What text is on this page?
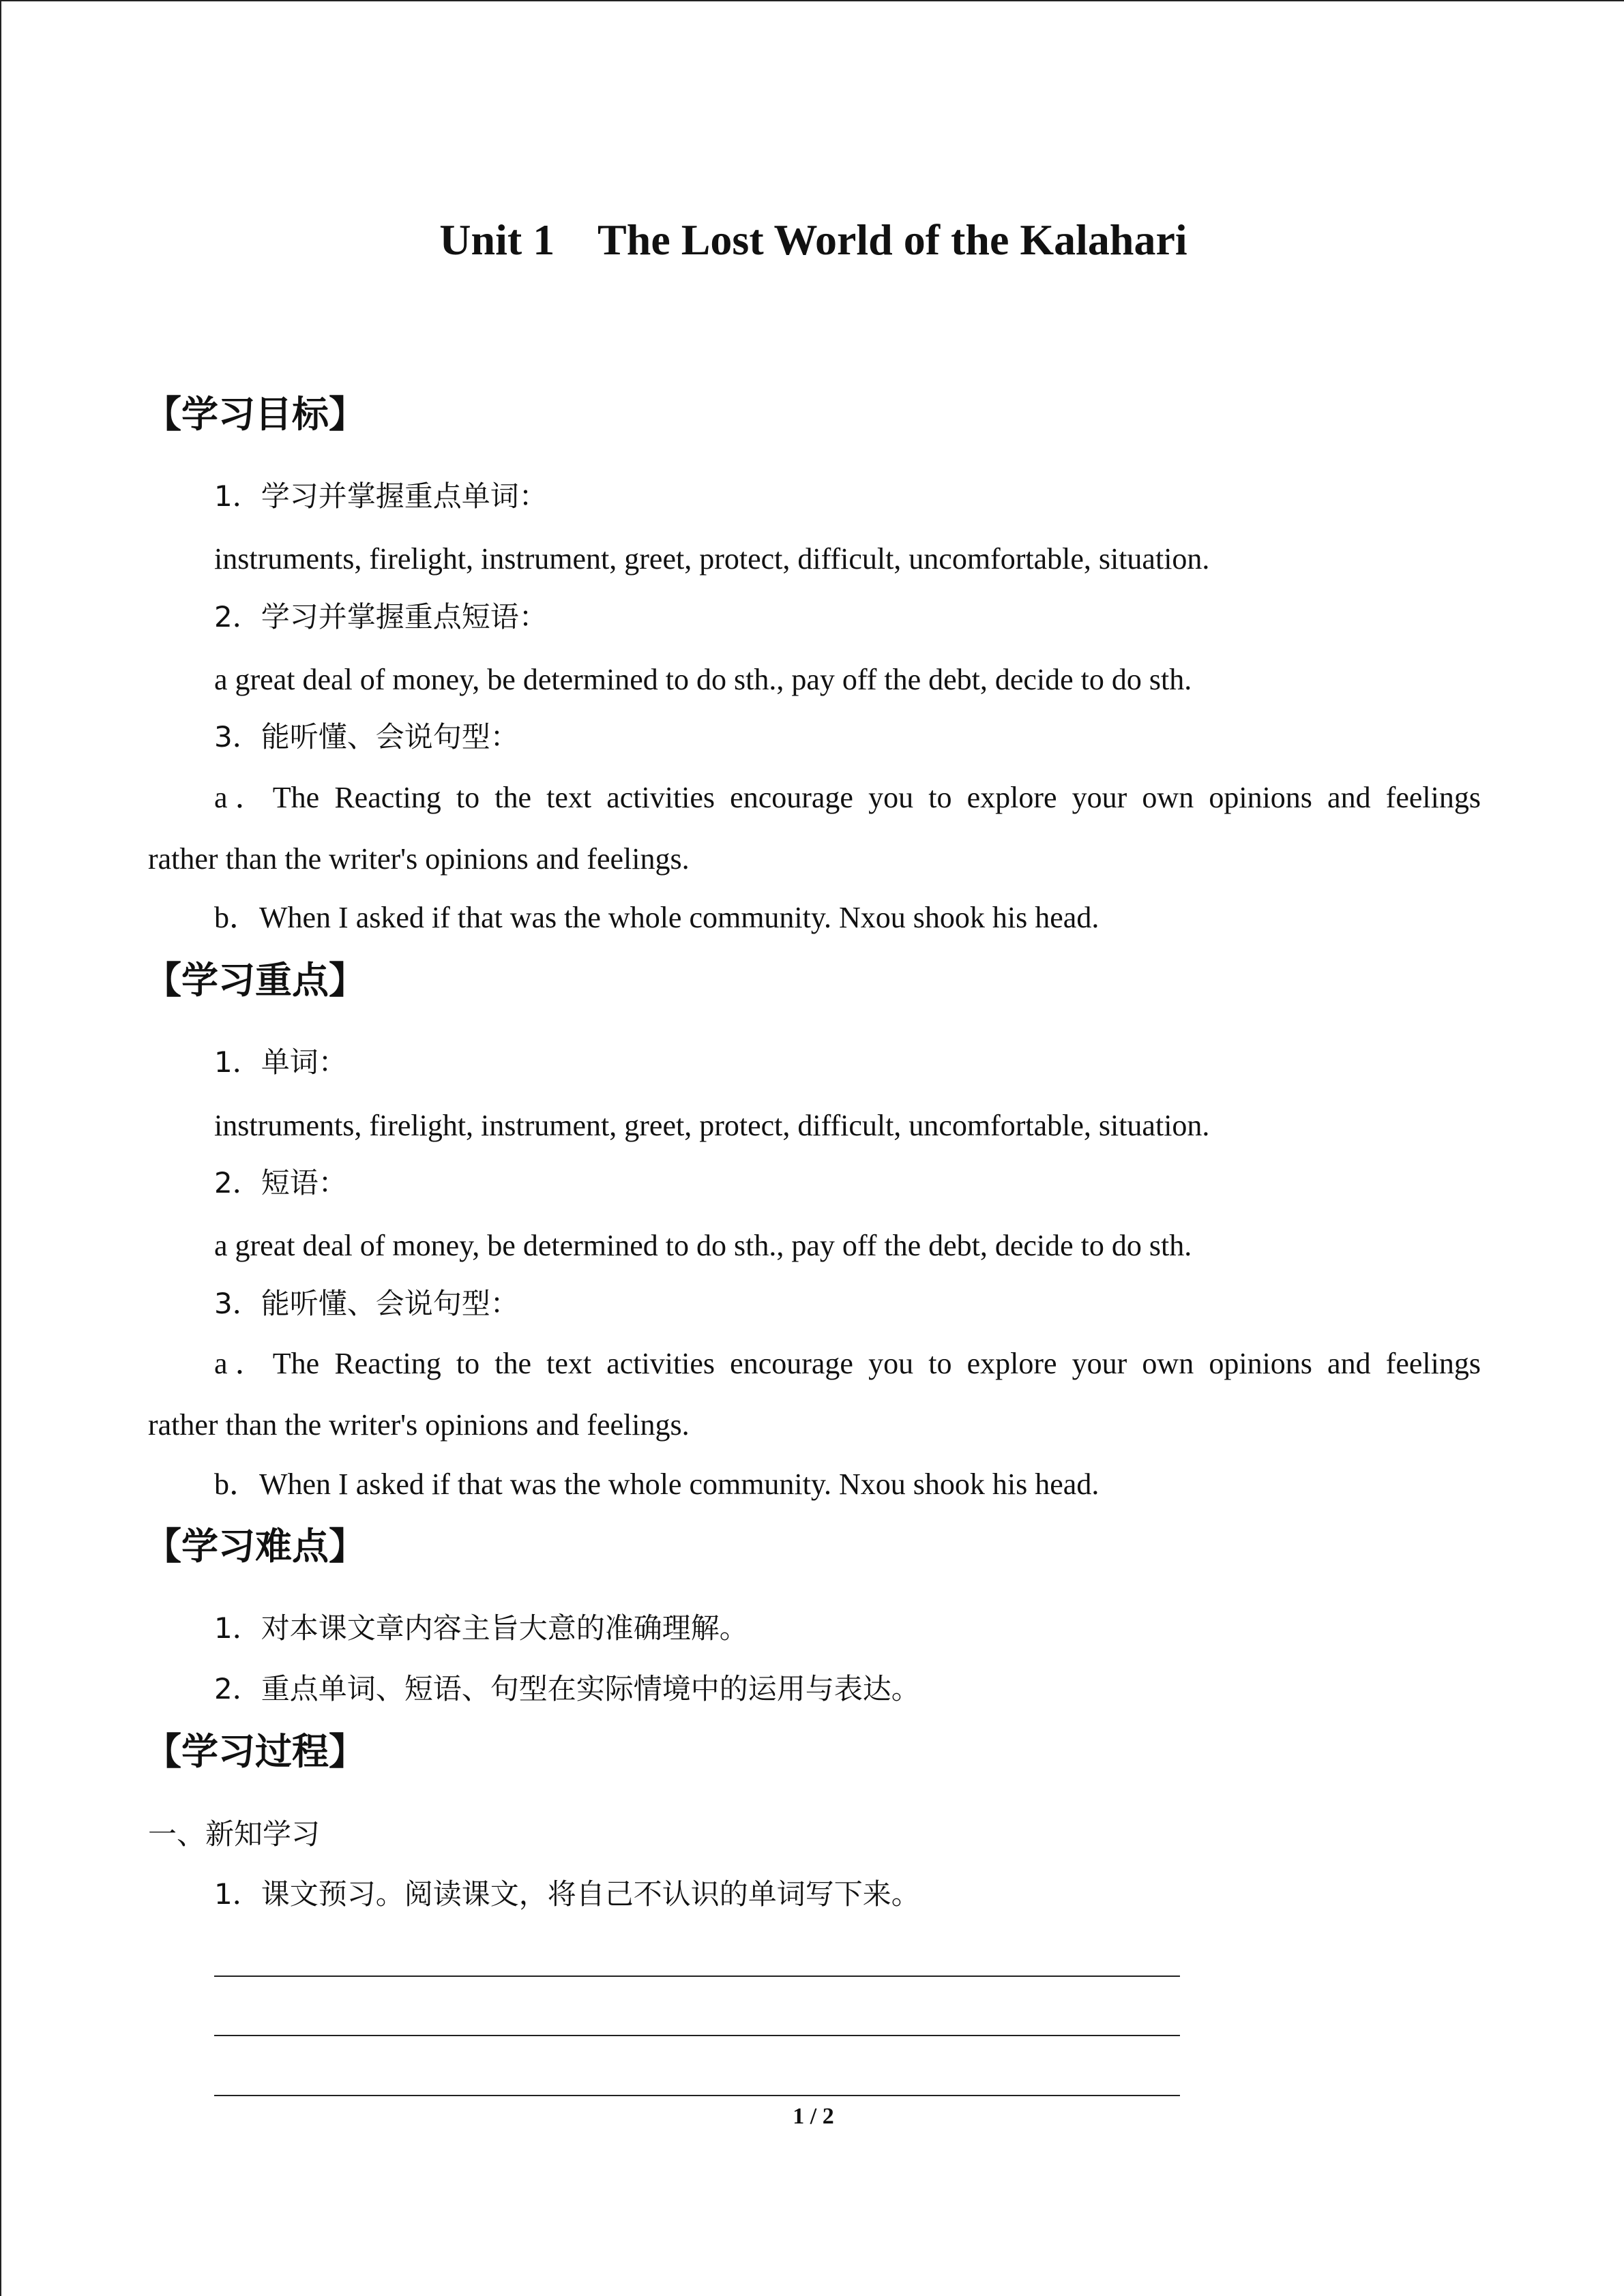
Unit 1    The Lost World of the Kalahari
【学习目标】
1．学习并掌握重点单词：
instruments, firelight, instrument, greet, protect, difficult, uncomfortable, situation.
2．学习并掌握重点短语：
a great deal of money, be determined to do sth., pay off the debt, decide to do sth.
3．能听懂、会说句型：
a．The Reacting to the text activities encourage you to explore your own opinions and feelings
rather than the writer's opinions and feelings.
b．When I asked if that was the whole community. Nxou shook his head.
【学习重点】
1．单词：
instruments, firelight, instrument, greet, protect, difficult, uncomfortable, situation.
2．短语：
a great deal of money, be determined to do sth., pay off the debt, decide to do sth.
3．能听懂、会说句型：
a．The Reacting to the text activities encourage you to explore your own opinions and feelings
rather than the writer's opinions and feelings.
b．When I asked if that was the whole community. Nxou shook his head.
【学习难点】
1．对本课文章内容主旨大意的准确理解。
2．重点单词、短语、句型在实际情境中的运用与表达。
【学习过程】
一、新知学习
1．课文预习。阅读课文，将自己不认识的单词写下来。
1 / 2
